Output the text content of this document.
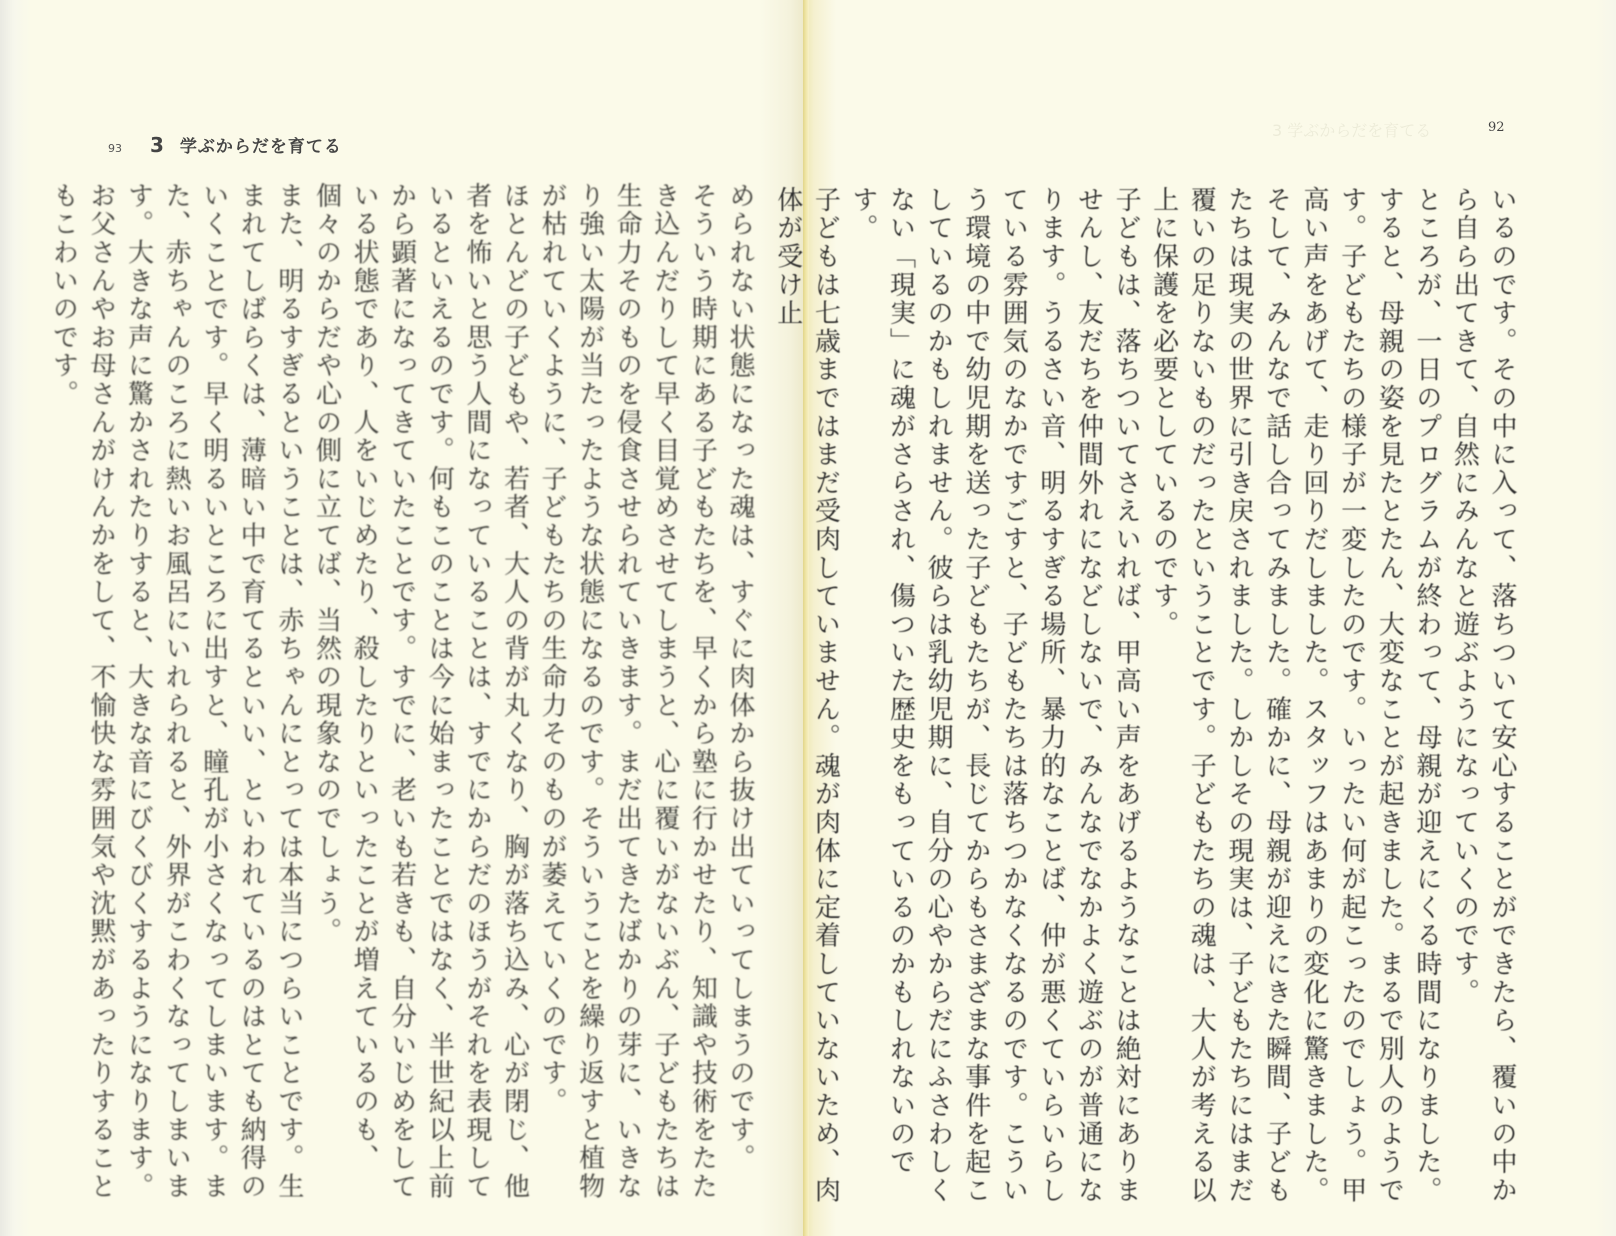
93 3 学ぶからだを育てる

められない状態になった魂は、すぐに肉体から抜け出ていってしまうのです。

そういう時期にある子どもたちを、早くから塾に行かせたり、知識や技術をたたき込んだりして早く目覚めさせてしまうと、心に覆いがないぶん、子どもたちは生命力そのものを侵食させられていきます。まだ出てきたばかりの芽に、いきなり強い太陽が当たったような状態になるのです。そういうことを繰り返すと植物が枯れていくように、子どもたちの生命力そのものが萎えていくのです。

ほとんどの子どもや、若者、大人の背が丸くなり、胸が落ち込み、心が閉じ、他者を怖いと思う人間になっていることは、すでにからだのほうがそれを表現しているといえるのです。何もこのことは今に始まったことではなく、半世紀以上前から顕著になってきていたことです。すでに、老いも若きも、自分いじめをしている状態であり、人をいじめたり、殺したりといったことが増えているのも、個々のからだや心の側に立てば、当然の現象なのでしょう。

また、明るすぎるということは、赤ちゃんにとっては本当につらいことです。生まれてしばらくは、薄暗い中で育てるといい、といわれているのはとても納得のいくことです。早く明るいところに出すと、瞳孔が小さくなってしまいます。また、赤ちゃんのころに熱いお風呂にいれられると、外界がこわくなってしまいます。大きな声に驚かされたりすると、大きな音にびくびくするようになります。お父さんやお母さんがけんかをして、不愉快な雰囲気や沈黙があったりすることもこわいのです。

3 学ぶからだを育てる	92

いるのです。その中に入って、落ちついて安心することができたら、覆いの中から自ら出てきて、自然にみんなと遊ぶようになっていくのです。

ところが、一日のプログラムが終わって、母親が迎えにくる時間になりました。すると、母親の姿を見たとたん、大変なことが起きました。まるで別人のようです。子どもたちの様子が一変したのです。いったい何が起こったのでしょう。甲高い声をあげて、走り回りだしました。スタッフはあまりの変化に驚きました。そして、みんなで話し合ってみました。確かに、母親が迎えにきた瞬間、子どもたちは現実の世界に引き戻されました。しかしその現実は、子どもたちにはまだ覆いの足りないものだったということです。子どもたちの魂は、大人が考える以上に保護を必要としているのです。

子どもは、落ちついてさえいれば、甲高い声をあげるようなことは絶対にありませんし、友だちを仲間外れになどしないで、みんなでなかよく遊ぶのが普通になります。うるさい音、明るすぎる場所、暴力的なことば、仲が悪くていらいらしている雰囲気のなかですごすと、子どもたちは落ちつかなくなるのです。こういう環境の中で幼児期を送った子どもたちが、長じてからもさまざまな事件を起こしているのかもしれません。彼らは乳幼児期に、自分の心やからだにふさわしくない「現実」に魂がさらされ、傷ついた歴史をもっているのかもしれないのです。

子どもは七歳まではまだ受肉していません。魂が肉体に定着していないため、肉体が受け止
